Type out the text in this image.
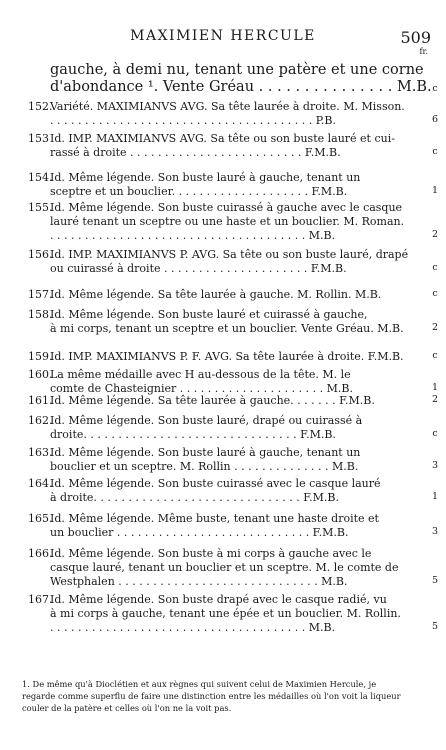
MAXIMIEN HERCULE	509
fr.
gauche, à demi nu, tenant une patère et une corne
d'abondance ¹. Vente Gréau . . . . . . . . . . . . . . . M.B. c
152.
Variété. MAXIMIANVS AVG. Sa tête laurée à droite. M. Misson.
. . . . . . . . . . . . . . . . . . . . . . . . . . . . . . . . . . . . . . P.B.	6
153 Id. IMP. MAXIMIANVS AVG. Sa tête ou son buste lauré et cui-
rassé à droite . . . . . . . . . . . . . . . . . . . . . . . . . F.M.B.	c
154.
Id. Même légende. Son buste lauré à gauche, tenant un
sceptre et un bouclier. . . . . . . . . . . . . . . . . . . . F.M.B.	1
155.
Id. Même légende. Son buste cuirassé à gauche avec le casque
lauré tenant un sceptre ou une haste et un bouclier. M. Roman.
. . . . . . . . . . . . . . . . . . . . . . . . . . . . . . . . . . . . . M.B.	2
156.
Id. IMP. MAXIMIANVS P. AVG. Sa tête ou son buste lauré, drapé
ou cuirassé à droite . . . . . . . . . . . . . . . . . . . . . F.M.B.	c
157.
Id. Même légende. Sa tête laurée à gauche. M. Rollin. M.B.	c
158.
Id. Même légende. Son buste lauré et cuirassé à gauche,
à mi corps, tenant un sceptre et un bouclier. Vente Gréau. M.B.	2
159.
Id. IMP. MAXIMIANVS P. F. AVG. Sa tête laurée à droite. F.M.B.	c
160.
La même médaille avec H au-dessous de la tête. M. le
comte de Chasteignier . . . . . . . . . . . . . . . . . . . . . M.B.	1
161.
Id. Même légende. Sa tête laurée à gauche. . . . . . . F.M.B.	2
162.
Id. Même légende. Son buste lauré, drapé ou cuirassé à
droite. . . . . . . . . . . . . . . . . . . . . . . . . . . . . . . F.M.B.	c
163.
Id. Même légende. Son buste lauré à gauche, tenant un
bouclier et un sceptre. M. Rollin . . . . . . . . . . . . . . M.B.	3
164.
Id. Même légende. Son buste cuirassé avec le casque lauré
à droite. . . . . . . . . . . . . . . . . . . . . . . . . . . . . . F.M.B.	1
165.
Id. Même légende. Même buste, tenant une haste droite et
un bouclier . . . . . . . . . . . . . . . . . . . . . . . . . . . . F.M.B.	3
166.
Id. Même légende. Son buste à mi corps à gauche avec le
casque lauré, tenant un bouclier et un sceptre. M. le comte de
Westphalen . . . . . . . . . . . . . . . . . . . . . . . . . . . . . M.B.	5
167.
Id. Même légende. Son buste drapé avec le casque radié, vu
à mi corps à gauche, tenant une épée et un bouclier. M. Rollin.
. . . . . . . . . . . . . . . . . . . . . . . . . . . . . . . . . . . . . M.B.	5
1. De même qu'à Dioclétien et aux règnes qui suivent celui de Maximien Hercule, je
regarde comme superflu de faire une distinction entre les médailles où l'on voit la liqueur
couler de la patère et celles où l'on ne la voit pas.
